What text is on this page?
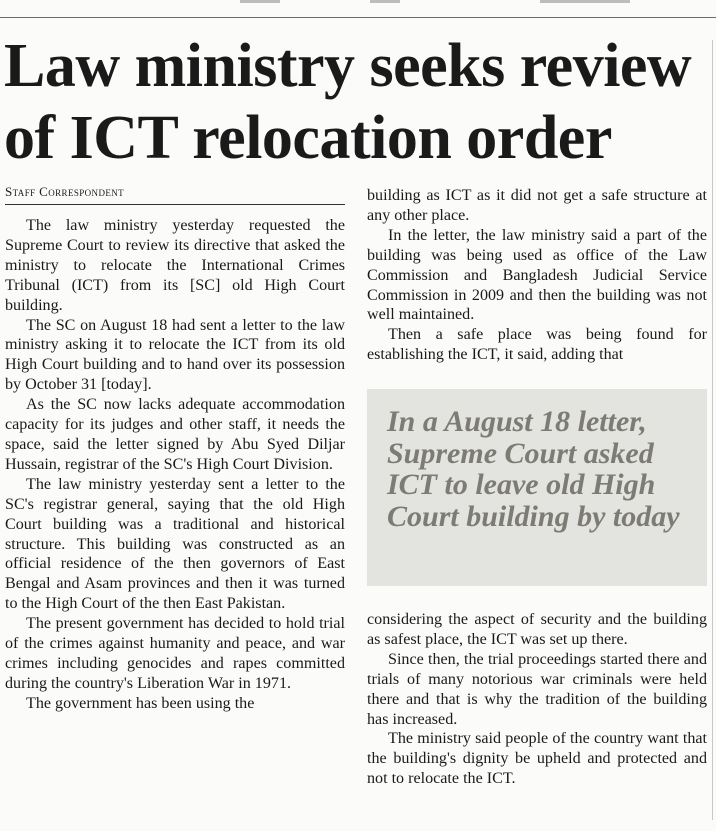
Law ministry seeks review
of ICT relocation order
Staff Correspondent

The law ministry yesterday requested the Supreme Court to review its directive that asked the ministry to relocate the International Crimes Tribunal (ICT) from its [SC] old High Court building.

The SC on August 18 had sent a letter to the law ministry asking it to relocate the ICT from its old High Court building and to hand over its possession by October 31 [today].

As the SC now lacks adequate accommodation capacity for its judges and other staff, it needs the space, said the letter signed by Abu Syed Diljar Hussain, registrar of the SC's High Court Division.

The law ministry yesterday sent a letter to the SC's registrar general, saying that the old High Court building was a traditional and historical structure. This building was constructed as an official residence of the then governors of East Bengal and Asam provinces and then it was turned to the High Court of the then East Pakistan.

The present government has decided to hold trial of the crimes against humanity and peace, and war crimes including genocides and rapes committed during the country's Liberation War in 1971.

The government has been using the

building as ICT as it did not get a safe structure at any other place.

In the letter, the law ministry said a part of the building was being used as office of the Law Commission and Bangladesh Judicial Service Commission in 2009 and then the building was not well maintained.

Then a safe place was being found for establishing the ICT, it said, adding that

In a August 18 letter, Supreme Court asked ICT to leave old High Court building by today

considering the aspect of security and the building as safest place, the ICT was set up there.

Since then, the trial proceedings started there and trials of many notorious war criminals were held there and that is why the tradition of the building has increased.

The ministry said people of the country want that the building's dignity be upheld and protected and not to relocate the ICT.
